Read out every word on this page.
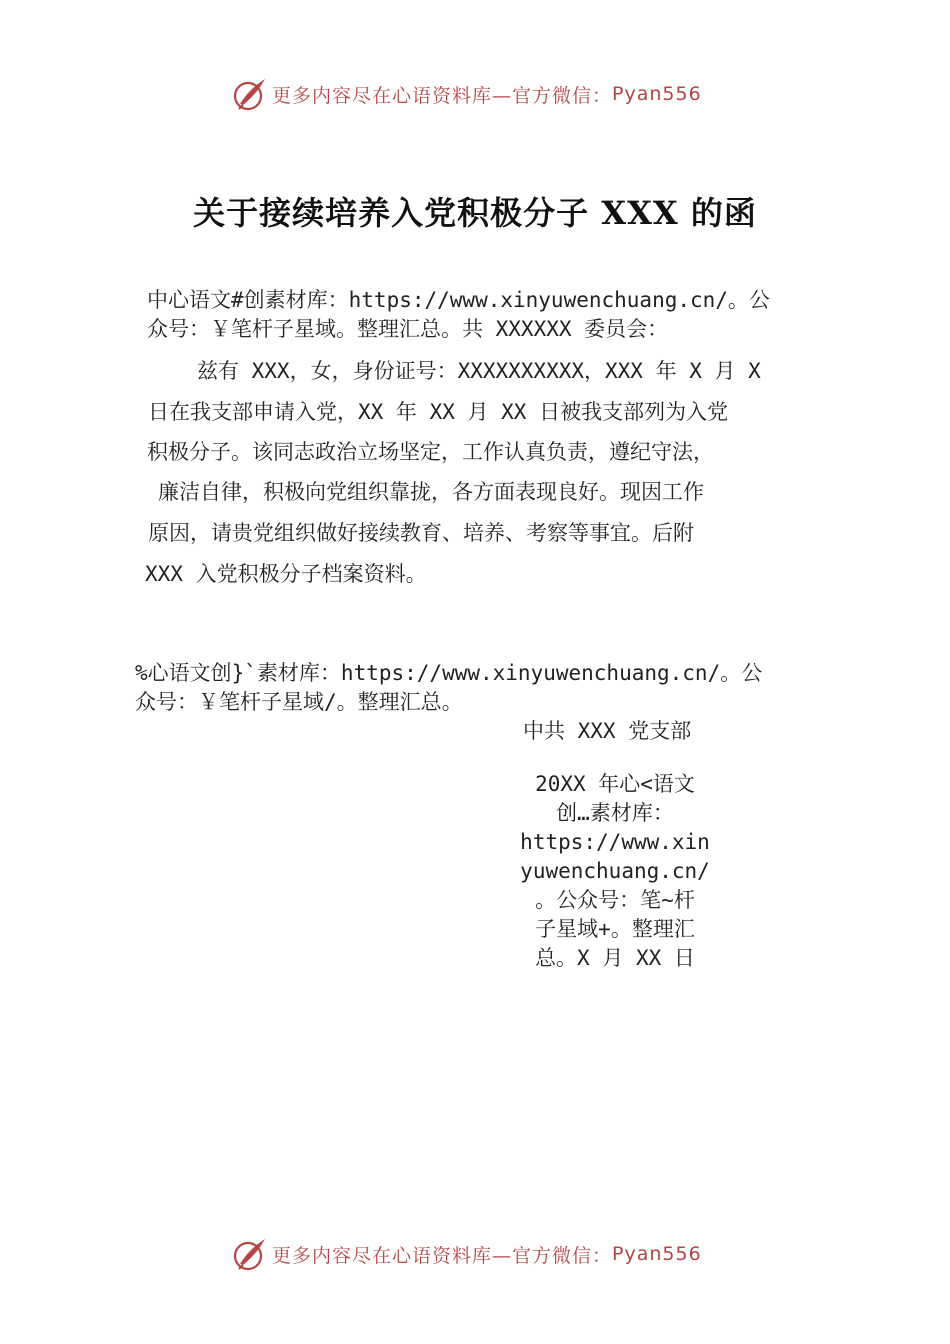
更多内容尽在心语资料库—官方微信： Pyan556
关于接续培养入党积极分子 XXX 的函
中心语文#创素材库：https://www.xinyuwenchuang.cn/。公
众号：￥笔杆子星域。整理汇总。共 XXXXXX 委员会：
兹有 XXX，女，身份证号：XXXXXXXXXX，XXX 年 X 月 X
日在我支部申请入党，XX 年 XX 月 XX 日被我支部列为入党
积极分子。该同志政治立场坚定，工作认真负责，遵纪守法，
廉洁自律，积极向党组织靠拢，各方面表现良好。现因工作
原因，请贵党组织做好接续教育、培养、考察等事宜。后附
XXX 入党积极分子档案资料。
%心语文创}`素材库：https://www.xinyuwenchuang.cn/。公
众号：￥笔杆子星域/。整理汇总。
中共 XXX 党支部
20XX 年心<语文
创…素材库：
https://www.xin
yuwenchuang.cn/
。公众号：笔~杆
子星域+。整理汇
总。X 月 XX 日
更多内容尽在心语资料库—官方微信： Pyan556
